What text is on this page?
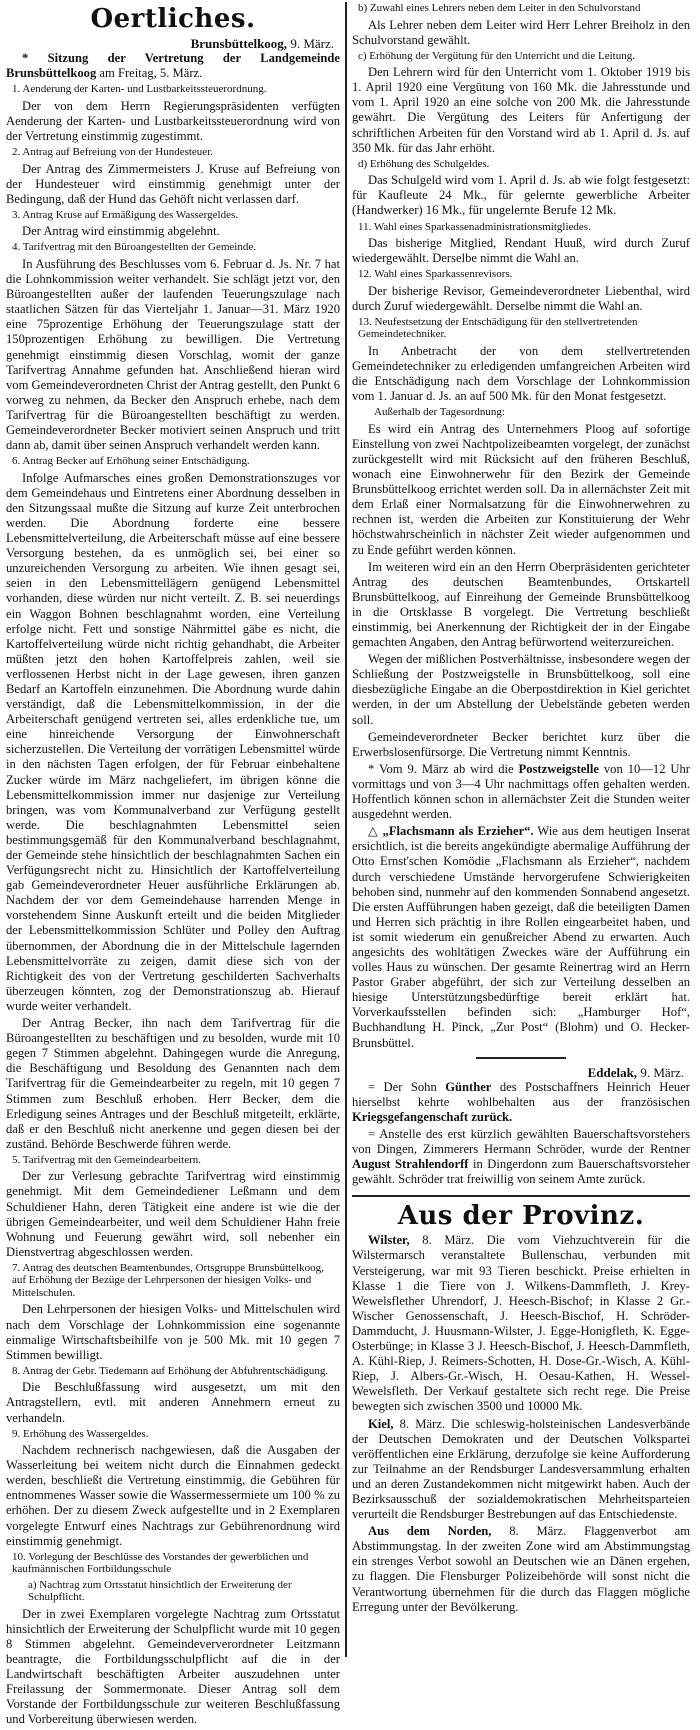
Oertliches.
Brunsbüttelkoog, 9. März.
* Sitzung der Vertretung der Landgemeinde Brunsbüttelkoog am Freitag, 5. März.
1. Aenderung der Karten- und Lustbarkeitssteuerordnung.
Der von dem Herrn Regierungspräsidenten verfügten Aenderung der Karten- und Lustbarkeitssteuerordnung wird von der Vertretung einstimmig zugestimmt.
2. Antrag auf Befreiung von der Hundesteuer.
Der Antrag des Zimmermeisters J. Kruse auf Befreiung von der Hundesteuer wird einstimmig genehmigt unter der Bedingung, daß der Hund das Gehöft nicht verlassen darf.
3. Antrag Kruse auf Ermäßigung des Wassergeldes.
Der Antrag wird einstimmig abgelehnt.
4. Tarifvertrag mit den Büroangestellten der Gemeinde.
In Ausführung des Beschlusses vom 6. Februar d. Js. Nr. 7 hat die Lohnkommission weiter verhandelt. Sie schlägt jetzt vor, den Büroangestellten außer der laufenden Teuerungszulage nach staatlichen Sätzen für das Vierteljahr 1. Januar—31. März 1920 eine 75prozentige Erhöhung der Teuerungszulage statt der 150prozentigen Erhöhung zu bewilligen. Die Vertretung genehmigt einstimmig diesen Vorschlag, womit der ganze Tarifvertrag Annahme gefunden hat. Anschließend hieran wird vom Gemeindeverordneten Christ der Antrag gestellt, den Punkt 6 vorweg zu nehmen, da Becker den Anspruch erhebe, nach dem Tarifvertrag für die Büroangestellten beschäftigt zu werden. Gemeindeverordneter Becker motiviert seinen Anspruch und tritt dann ab, damit über seinen Anspruch verhandelt werden kann.
6. Antrag Becker auf Erhöhung seiner Entschädigung.
Infolge Aufmarsches eines großen Demonstrationszuges vor dem Gemeindehaus und Eintretens einer Abordnung desselben in den Sitzungssaal mußte die Sitzung auf kurze Zeit unterbrochen werden. Die Abordnung forderte eine bessere Lebensmittelverteilung, die Arbeiterschaft müsse auf eine bessere Versorgung bestehen, da es unmöglich sei, bei einer so unzureichenden Versorgung zu arbeiten. Wie ihnen gesagt sei, seien in den Lebensmittellägern genügend Lebensmittel vorhanden, diese würden nur nicht verteilt. Z. B. sei neuerdings ein Waggon Bohnen beschlagnahmt worden, eine Verteilung erfolge nicht. Fett und sonstige Nährmittel gäbe es nicht, die Kartoffelverteilung würde nicht richtig gehandhabt, die Arbeiter müßten jetzt den hohen Kartoffelpreis zahlen, weil sie verflossenen Herbst nicht in der Lage gewesen, ihren ganzen Bedarf an Kartoffeln einzunehmen. Die Abordnung wurde dahin verständigt, daß die Lebensmittelkommission, in der die Arbeiterschaft genügend vertreten sei, alles erdenkliche tue, um eine hinreichende Versorgung der Einwohnerschaft sicherzustellen. Die Verteilung der vorrätigen Lebensmittel würde in den nächsten Tagen erfolgen, der für Februar einbehaltene Zucker würde im März nachgeliefert, im übrigen könne die Lebensmittelkommission immer nur dasjenige zur Verteilung bringen, was vom Kommunalverband zur Verfügung gestellt werde. Die beschlagnahmten Lebensmittel seien bestimmungsgemäß für den Kommunalverband beschlagnahmt, der Gemeinde stehe hinsichtlich der beschlagnahmten Sachen ein Verfügungsrecht nicht zu. Hinsichtlich der Kartoffelverteilung gab Gemeindeverordneter Heuer ausführliche Erklärungen ab. Nachdem der vor dem Gemeindehause harrenden Menge in vorstehendem Sinne Auskunft erteilt und die beiden Mitglieder der Lebensmittelkommission Schlüter und Polley den Auftrag übernommen, der Abordnung die in der Mittelschule lagernden Lebensmittelvorräte zu zeigen, damit diese sich von der Richtigkeit des von der Vertretung geschilderten Sachverhalts überzeugen könnten, zog der Demonstrationszug ab. Hierauf wurde weiter verhandelt.
Der Antrag Becker, ihn nach dem Tarifvertrag für die Büroangestellten zu beschäftigen und zu besolden, wurde mit 10 gegen 7 Stimmen abgelehnt. Dahingegen wurde die Anregung, die Beschäftigung und Besoldung des Genannten nach dem Tarifvertrag für die Gemeindearbeiter zu regeln, mit 10 gegen 7 Stimmen zum Beschluß erhoben. Herr Becker, dem die Erledigung seines Antrages und der Beschluß mitgeteilt, erklärte, daß er den Beschluß nicht anerkenne und gegen diesen bei der zuständ. Behörde Beschwerde führen werde.
5. Tarifvertrag mit den Gemeindearbeitern.
Der zur Verlesung gebrachte Tarifvertrag wird einstimmig genehmigt. Mit dem Gemeindediener Leßmann und dem Schuldiener Hahn, deren Tätigkeit eine andere ist wie die der übrigen Gemeindearbeiter, und weil dem Schuldiener Hahn freie Wohnung und Feuerung gewährt wird, soll nebenher ein Dienstvertrag abgeschlossen werden.
7. Antrag des deutschen Beamtenbundes, Ortsgruppe Brunsbüttelkoog, auf Erhöhung der Bezüge der Lehrpersonen der hiesigen Volks- und Mittelschulen.
Den Lehrpersonen der hiesigen Volks- und Mittelschulen wird nach dem Vorschlage der Lohnkommission eine sogenannte einmalige Wirtschaftsbeihilfe von je 500 Mk. mit 10 gegen 7 Stimmen bewilligt.
8. Antrag der Gebr. Tiedemann auf Erhöhung der Abfuhrentschädigung.
Die Beschlußfassung wird ausgesetzt, um mit den Antragstellern, evtl. mit anderen Annehmern erneut zu verhandeln.
9. Erhöhung des Wassergeldes.
Nachdem rechnerisch nachgewiesen, daß die Ausgaben der Wasserleitung bei weitem nicht durch die Einnahmen gedeckt werden, beschließt die Vertretung einstimmig, die Gebühren für entnommenes Wasser sowie die Wassermessermiete um 100 % zu erhöhen. Der zu diesem Zweck aufgestellte und in 2 Exemplaren vorgelegte Entwurf eines Nachtrags zur Gebührenordnung wird einstimmig genehmigt.
10. Vorlegung der Beschlüsse des Vorstandes der gewerblichen und kaufmännischen Fortbildungsschule
a) Nachtrag zum Ortsstatut hinsichtlich der Erweiterung der Schulpflicht.
Der in zwei Exemplaren vorgelegte Nachtrag zum Ortsstatut hinsichtlich der Erweiterung der Schulpflicht wurde mit 10 gegen 8 Stimmen abgelehnt. Gemeindeververordneter Leitzmann beantragte, die Fortbildungsschulpflicht auf die in der Landwirtschaft beschäftigten Arbeiter auszudehnen unter Freilassung der Sommermonate. Dieser Antrag soll dem Vorstande der Fortbildungsschule zur weiteren Beschlußfassung und Vorbereitung überwiesen werden.
b) Zuwahl eines Lehrers neben dem Leiter in den Schulvorstand
Als Lehrer neben dem Leiter wird Herr Lehrer Breiholz in den Schulvorstand gewählt.
c) Erhöhung der Vergütung für den Unterricht und die Leitung.
Den Lehrern wird für den Unterricht vom 1. Oktober 1919 bis 1. April 1920 eine Vergütung von 160 Mk. die Jahresstunde und vom 1. April 1920 an eine solche von 200 Mk. die Jahresstunde gewährt. Die Vergütung des Leiters für Anfertigung der schriftlichen Arbeiten für den Vorstand wird ab 1. April d. Js. auf 350 Mk. für das Jahr erhöht.
d) Erhöhung des Schulgeldes.
Das Schulgeld wird vom 1. April d. Js. ab wie folgt festgesetzt: für Kaufleute 24 Mk., für gelernte gewerbliche Arbeiter (Handwerker) 16 Mk., für ungelernte Berufe 12 Mk.
11. Wahl eines Sparkassenadministrationsmitgliedes.
Das bisherige Mitglied, Rendant Huuß, wird durch Zuruf wiedergewählt. Derselbe nimmt die Wahl an.
12. Wahl eines Sparkassenrevisors.
Der bisherige Revisor, Gemeindeverordneter Liebenthal, wird durch Zuruf wiedergewählt. Derselbe nimmt die Wahl an.
13. Neufestsetzung der Entschädigung für den stellvertretenden Gemeindetechniker.
In Anbetracht der von dem stellvertretenden Gemeindetechniker zu erledigenden umfangreichen Arbeiten wird die Entschädigung nach dem Vorschlage der Lohnkommission vom 1. Januar d. Js. an auf 500 Mk. für den Monat festgesetzt.
Außerhalb der Tagesordnung:
Es wird ein Antrag des Unternehmers Ploog auf sofortige Einstellung von zwei Nachtpolizeibeamten vorgelegt, der zunächst zurückgestellt wird mit Rücksicht auf den früheren Beschluß, wonach eine Einwohnerwehr für den Bezirk der Gemeinde Brunsbüttelkoog errichtet werden soll. Da in allernächster Zeit mit dem Erlaß einer Normalsatzung für die Einwohnerwehren zu rechnen ist, werden die Arbeiten zur Konstituierung der Wehr höchstwahrscheinlich in nächster Zeit wieder aufgenommen und zu Ende geführt werden können.
Im weiteren wird ein an den Herrn Oberpräsidenten gerichteter Antrag des deutschen Beamtenbundes, Ortskartell Brunsbüttelkoog, auf Einreihung der Gemeinde Brunsbüttelkoog in die Ortsklasse B vorgelegt. Die Vertretung beschließt einstimmig, bei Anerkennung der Richtigkeit der in der Eingabe gemachten Angaben, den Antrag befürwortend weiterzureichen.
Wegen der mißlichen Postverhältnisse, insbesondere wegen der Schließung der Postzweigstelle in Brunsbüttelkoog, soll eine diesbezügliche Eingabe an die Oberpostdirektion in Kiel gerichtet werden, in der um Abstellung der Uebelstände gebeten werden soll.
Gemeindeverordneter Becker berichtet kurz über die Erwerbslosenfürsorge. Die Vertretung nimmt Kenntnis.
* Vom 9. März ab wird die Postzweigstelle von 10—12 Uhr vormittags und von 3—4 Uhr nachmittags offen gehalten werden. Hoffentlich können schon in allernächster Zeit die Stunden weiter ausgedehnt werden.
△ „Flachsmann als Erzieher“. Wie aus dem heutigen Inserat ersichtlich, ist die bereits angekündigte abermalige Aufführung der Otto Ernst'schen Komödie „Flachsmann als Erzieher“, nachdem durch verschiedene Umstände hervorgerufene Schwierigkeiten behoben sind, nunmehr auf den kommenden Sonnabend angesetzt. Die ersten Aufführungen haben gezeigt, daß die beteiligten Damen und Herren sich prächtig in ihre Rollen eingearbeitet haben, und ist somit wiederum ein genußreicher Abend zu erwarten. Auch angesichts des wohltätigen Zweckes wäre der Aufführung ein volles Haus zu wünschen. Der gesamte Reinertrag wird an Herrn Pastor Graber abgeführt, der sich zur Verteilung desselben an hiesige Unterstützungsbedürftige bereit erklärt hat. Vorverkaufsstellen befinden sich: „Hamburger Hof“, Buchhandlung H. Pinck, „Zur Post“ (Blohm) und O. Hecker-Brunsbüttel.
Eddelak, 9. März.
= Der Sohn Günther des Postschaffners Heinrich Heuer hierselbst kehrte wohlbehalten aus der französischen Kriegsgefangenschaft zurück.
= Anstelle des erst kürzlich gewählten Bauerschaftsvorstehers von Dingen, Zimmerers Hermann Schröder, wurde der Rentner August Strahlendorff in Dingerdonn zum Bauerschaftsvorsteher gewählt. Schröder trat freiwillig von seinem Amte zurück.
Aus der Provinz.
Wilster, 8. März. Die vom Viehzuchtverein für die Wilstermarsch veranstaltete Bullenschau, verbunden mit Versteigerung, war mit 93 Tieren beschickt. Preise erhielten in Klasse 1 die Tiere von J. Wilkens-Dammfleth, J. Krey-Wewelsflether Uhrendorf, J. Heesch-Bischof; in Klasse 2 Gr.-Wischer Genossenschaft, J. Heesch-Bischof, H. Schröder-Dammducht, J. Huusmann-Wilster, J. Egge-Honigfleth, K. Egge-Osterbünge; in Klasse 3 J. Heesch-Bischof, J. Heesch-Dammfleth, A. Kühl-Riep, J. Reimers-Schotten, H. Dose-Gr.-Wisch, A. Kühl-Riep, J. Albers-Gr.-Wisch, H. Oesau-Kathen, H. Wessel-Wewelsfleth. Der Verkauf gestaltete sich recht rege. Die Preise bewegten sich zwischen 3500 und 10000 Mk.
Kiel, 8. März. Die schleswig-holsteinischen Landesverbände der Deutschen Demokraten und der Deutschen Volkspartei veröffentlichen eine Erklärung, derzufolge sie keine Aufforderung zur Teilnahme an der Rendsburger Landesversammlung erhalten und an deren Zustandekommen nicht mitgewirkt haben. Auch der Bezirksausschuß der sozialdemokratischen Mehrheitsparteien verurteilt die Rendsburger Bestrebungen auf das Entschiedenste.
Aus dem Norden, 8. März. Flaggenverbot am Abstimmungstag. In der zweiten Zone wird am Abstimmungstag ein strenges Verbot sowohl an Deutschen wie an Dänen ergehen, zu flaggen. Die Flensburger Polizeibehörde will sonst nicht die Verantwortung übernehmen für die durch das Flaggen mögliche Erregung unter der Bevölkerung.
